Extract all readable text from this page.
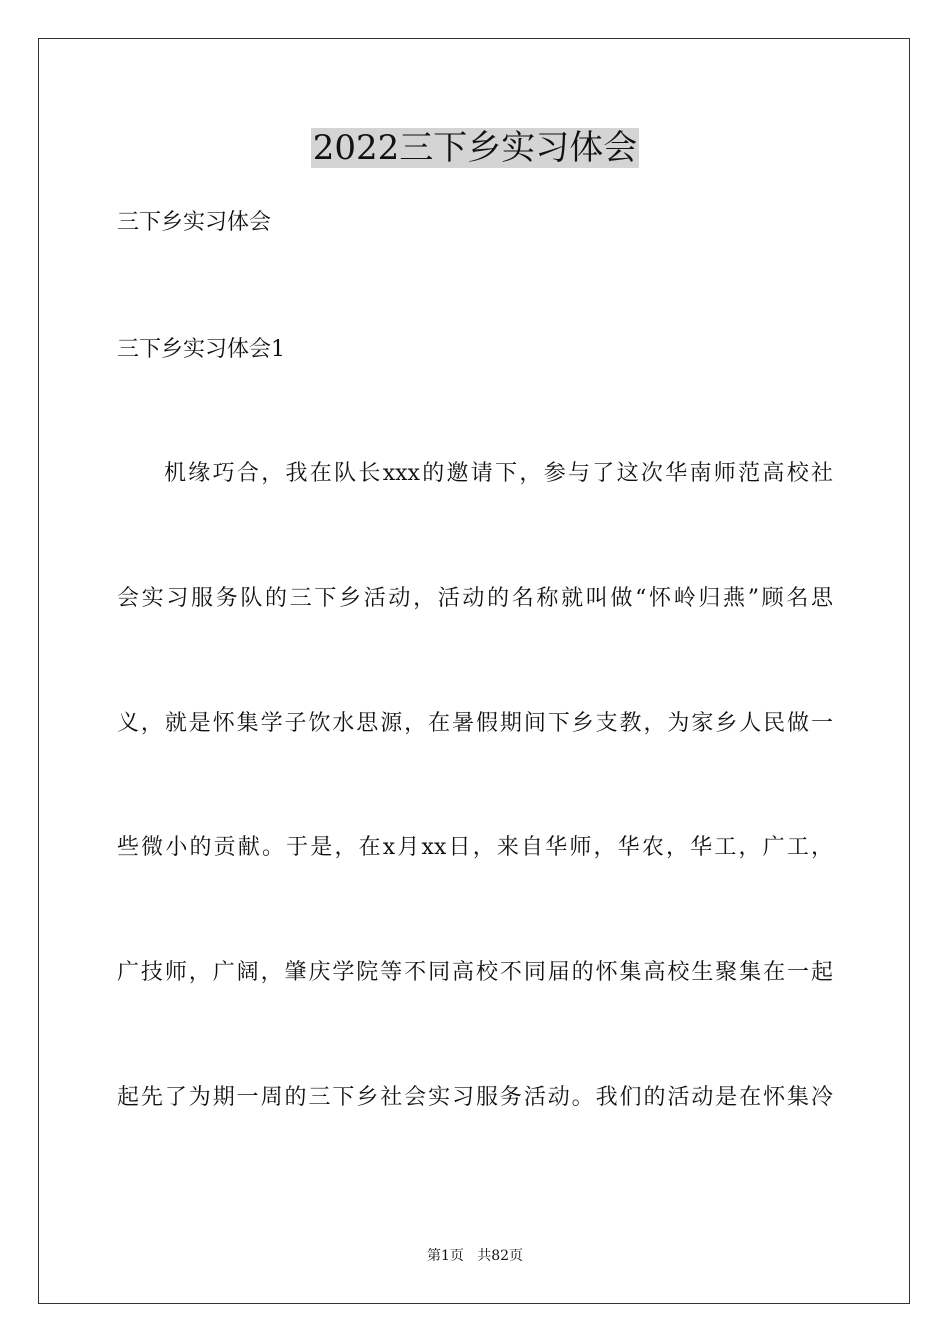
2022三下乡实习体会
三下乡实习体会
三下乡实习体会1
机缘巧合，我在队长xxx的邀请下，参与了这次华南师范高校社
会实习服务队的三下乡活动，活动的名称就叫做“怀岭归燕”顾名思
义，就是怀集学子饮水思源，在暑假期间下乡支教，为家乡人民做一
些微小的贡献。于是，在x月xx日，来自华师，华农，华工，广工，
广技师，广阔，肇庆学院等不同高校不同届的怀集高校生聚集在一起
起先了为期一周的三下乡社会实习服务活动。我们的活动是在怀集冷
第1页   共82页
